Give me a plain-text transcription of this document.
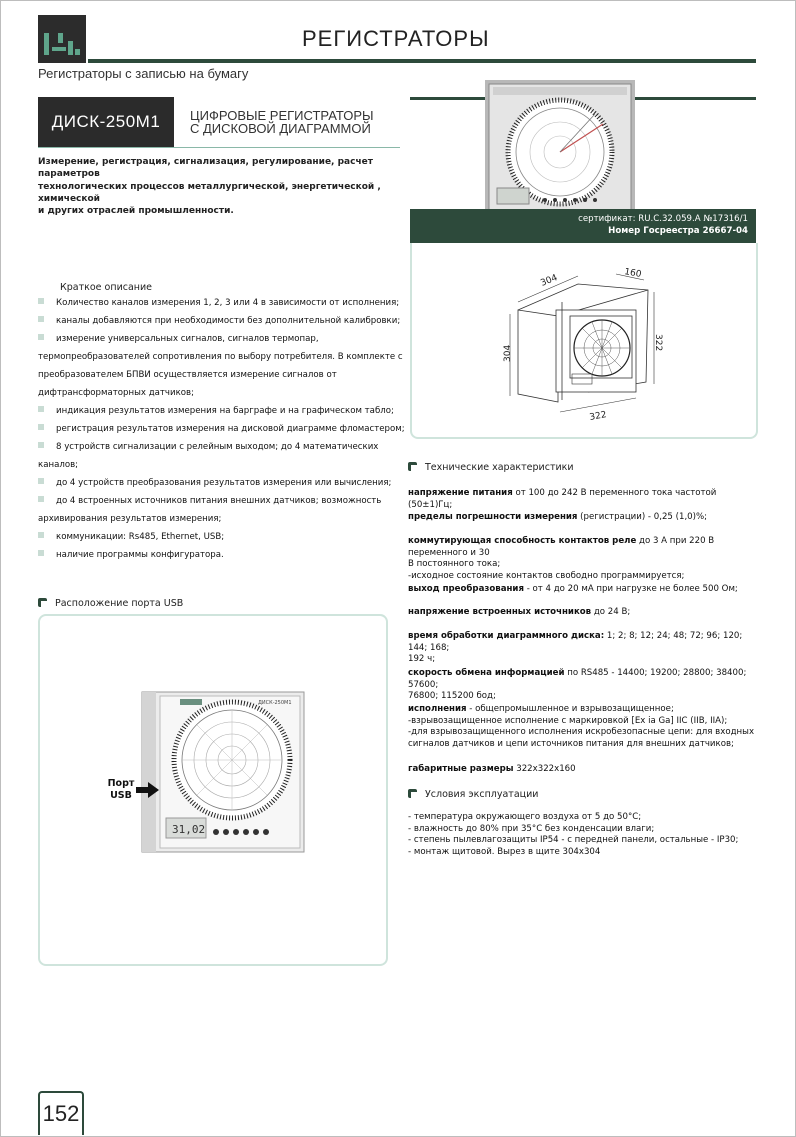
РЕГИСТРАТОРЫ
Регистраторы с записью на бумагу
ДИСК-250М1	ЦИФРОВЫЕ РЕГИСТРАТОРЫ
С ДИСКОВОЙ ДИАГРАММОЙ
Измерение, регистрация, сигнализация, регулирование, расчет параметров
технологических процессов металлургической, энергетической , химической
и других отраслей промышленности.
Краткое описание
Количество каналов измерения 1, 2, 3 или 4 в зависимости от исполнения;
каналы добавляются при необходимости без дополнительной калибровки;
измерение универсальных сигналов, сигналов термопар,
термопреобразователей сопротивления по выбору потребителя. В комплекте с
преобразователем БПВИ осуществляется измерение сигналов от
дифтрансформаторных датчиков;
индикация результатов измерения на барграфе и на графическом табло;
регистрация результатов измерения на дисковой диаграмме фломастером;
8 устройств сигнализации с релейным выходом; до 4 математических
каналов;
до 4 устройств преобразования результатов измерения или вычисления;
до 4 встроенных источников питания внешних датчиков; возможность
архивирования результатов измерения;
коммуникации: Rs485, Ethernet, USB;
наличие программы конфигуратора.
Расположение порта USB
ДИСК-250М1
31,02
Порт
USB
сертификат: RU.C.32.059.А №17316/1
Номер Госреестра 26667-04
304	160
304
322
322
Технические характеристики
напряжение питания от 100 до 242 В переменного тока частотой (50±1)Гц;
пределы погрешности измерения (регистрации) - 0,25 (1,0)%;
коммутирующая способность контактов реле до 3 А при 220 В переменного и 30
В постоянного тока;
-исходное состояние контактов свободно программируется;
выход преобразования - от 4 до 20 мА при нагрузке не более 500 Ом;
напряжение встроенных источников до 24 В;
время обработки диаграммного диска: 1; 2; 8; 12; 24; 48; 72; 96; 120; 144; 168;
192 ч;
скорость обмена информацией по RS485 - 14400; 19200; 28800; 38400; 57600;
76800; 115200 бод;
исполнения - общепромышленное и взрывозащищенное;
-взрывозащищенное исполнение с маркировкой [Ex ia Ga] IIC (IIB, IIA);
-для взрывозащищенного исполнения искробезопасные цепи: для входных
сигналов датчиков и цепи источников питания для внешних датчиков;
габаритные размеры 322х322х160
Условия эксплуатации
- температура окружающего воздуха от 5 до 50°С;
- влажность до 80% при 35°С без конденсации влаги;
- степень пылевлагозащиты IP54 - с передней панели, остальные - IP30;
- монтаж щитовой. Вырез в щите 304х304
152
